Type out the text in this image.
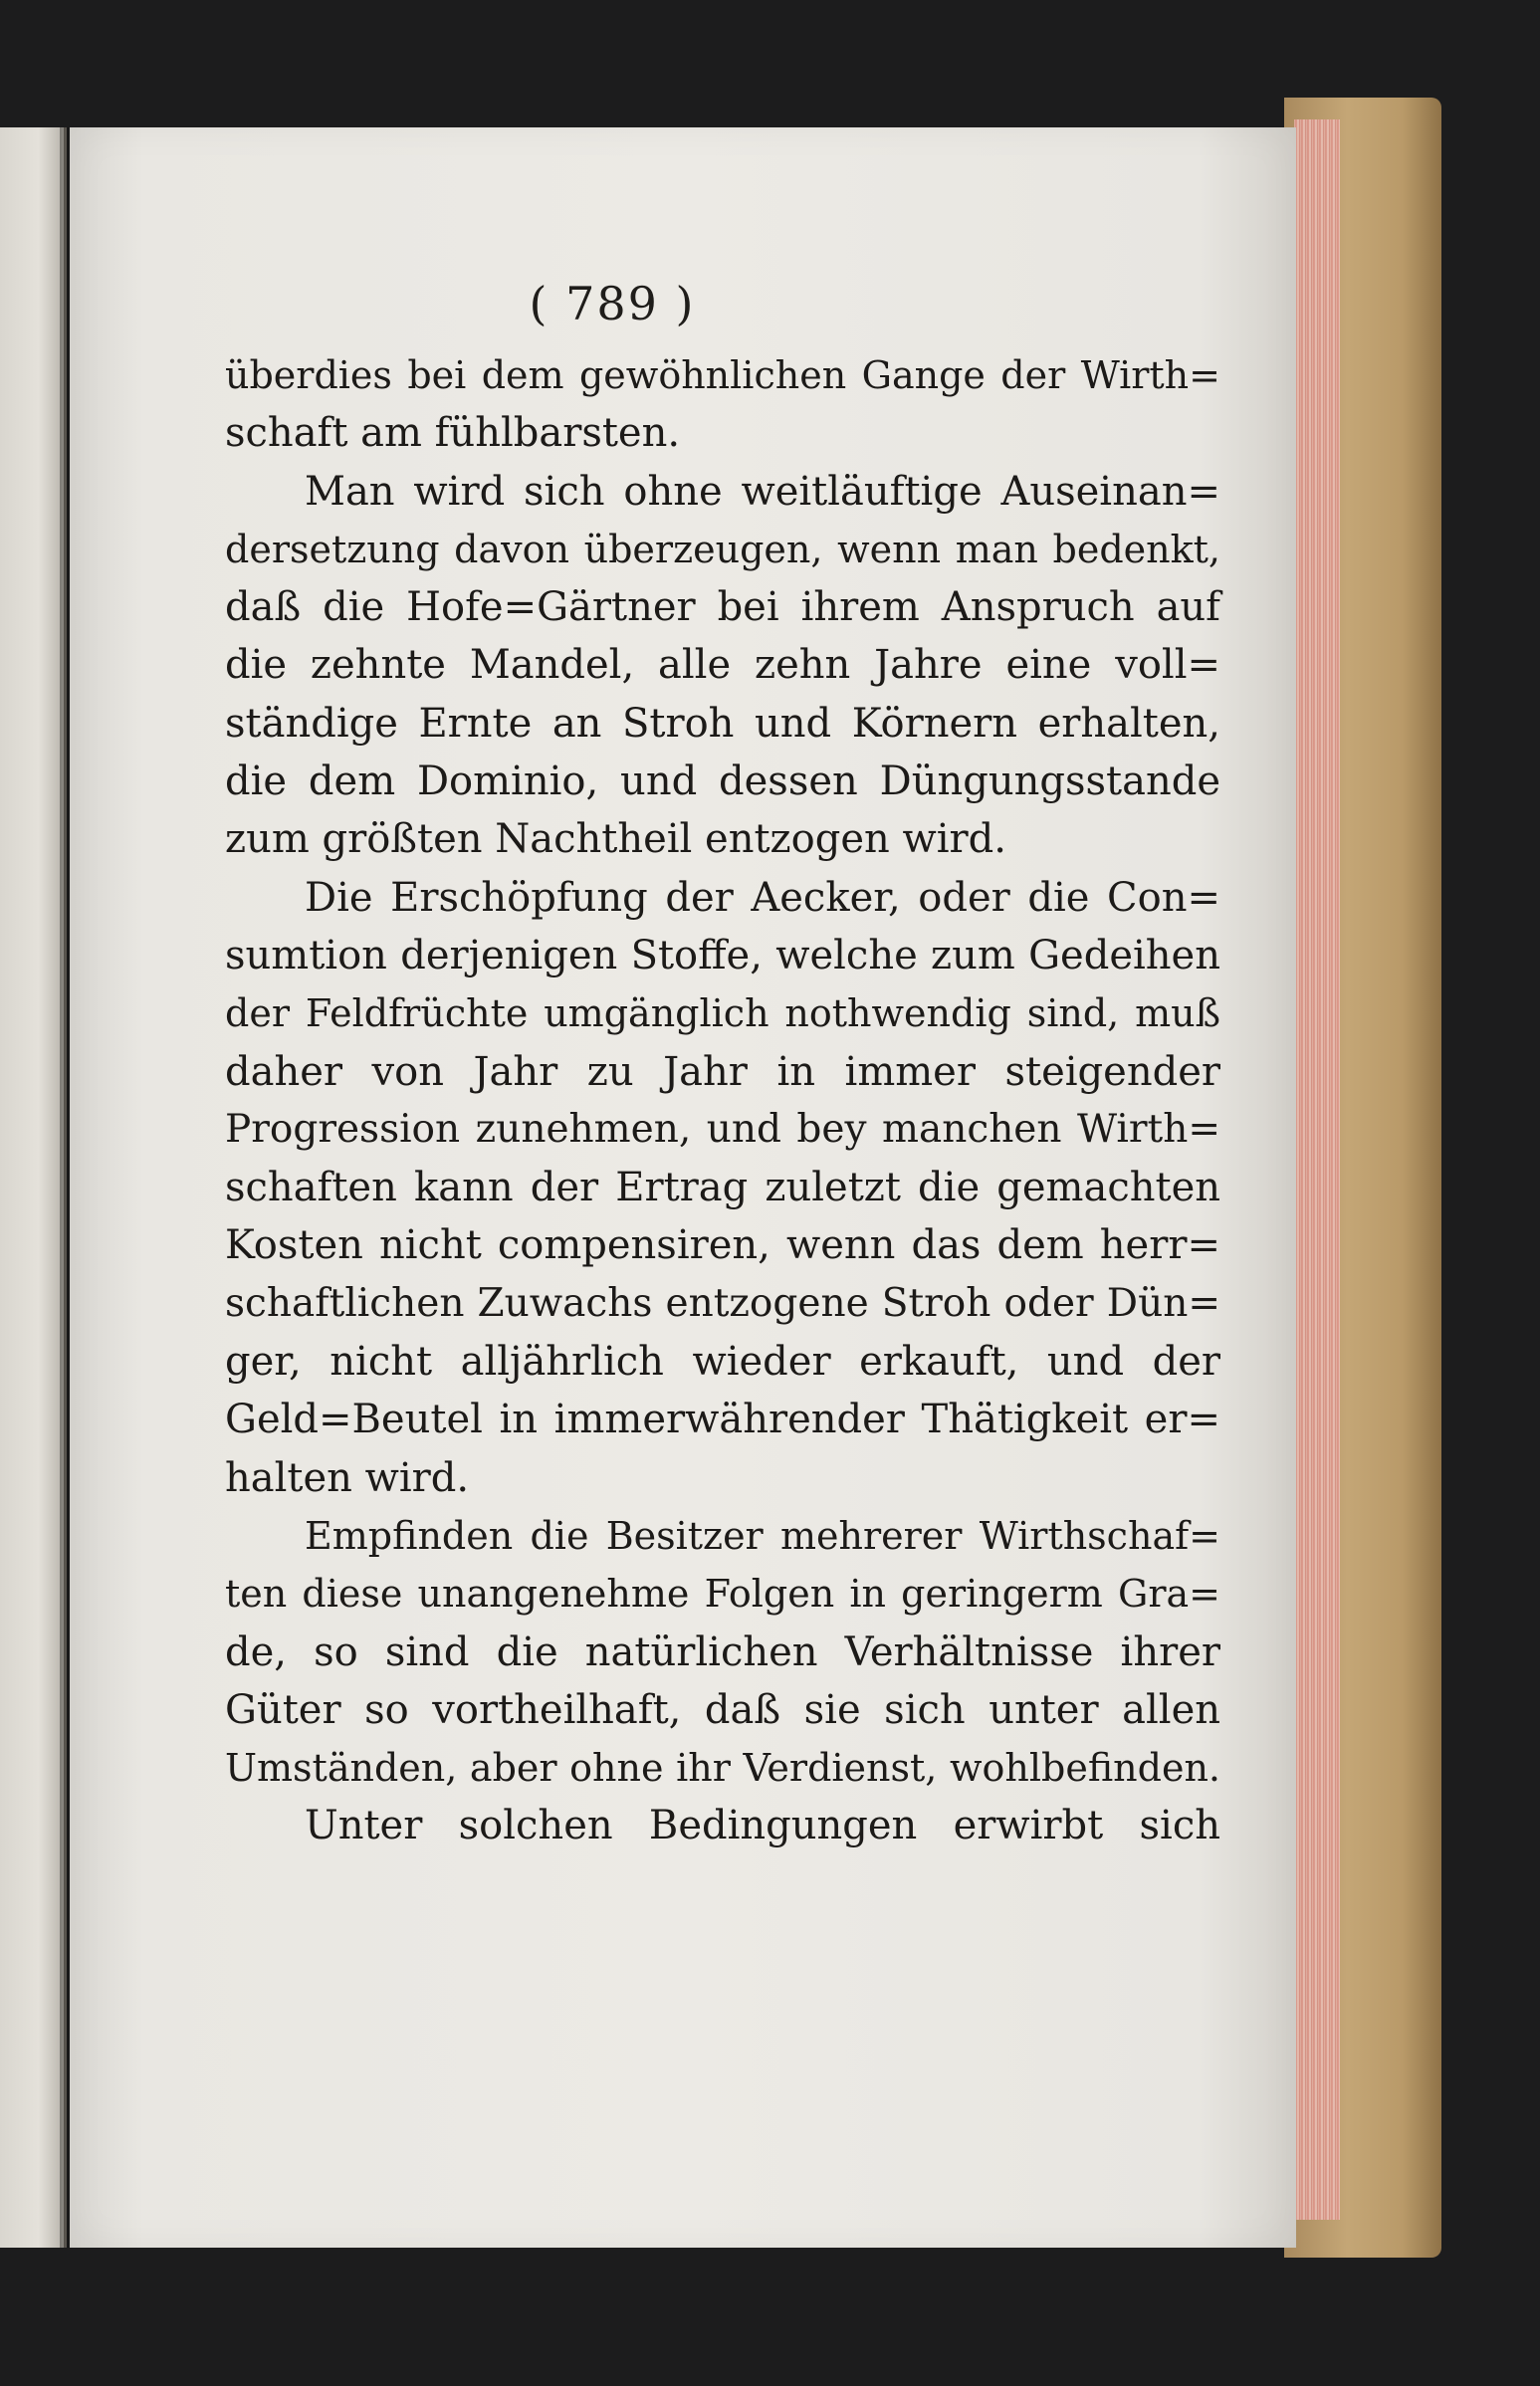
( 789 )
überdies bei dem gewöhnlichen Gange der Wirth=
schaft am fühlbarsten.
Man wird sich ohne weitläuftige Auseinan=
dersetzung davon überzeugen, wenn man bedenkt,
daß die Hofe=Gärtner bei ihrem Anspruch auf
die zehnte Mandel, alle zehn Jahre eine voll=
ständige Ernte an Stroh und Körnern erhalten,
die dem Dominio, und dessen Düngungsstande
zum größten Nachtheil entzogen wird.
Die Erschöpfung der Aecker, oder die Con=
sumtion derjenigen Stoffe, welche zum Gedeihen
der Feldfrüchte umgänglich nothwendig sind, muß
daher von Jahr zu Jahr in immer steigender
Progression zunehmen, und bey manchen Wirth=
schaften kann der Ertrag zuletzt die gemachten
Kosten nicht compensiren, wenn das dem herr=
schaftlichen Zuwachs entzogene Stroh oder Dün=
ger, nicht alljährlich wieder erkauft, und der
Geld=Beutel in immerwährender Thätigkeit er=
halten wird.
Empfinden die Besitzer mehrerer Wirthschaf=
ten diese unangenehme Folgen in geringerm Gra=
de, so sind die natürlichen Verhältnisse ihrer
Güter so vortheilhaft, daß sie sich unter allen
Umständen, aber ohne ihr Verdienst, wohlbefinden.
Unter solchen Bedingungen erwirbt sich
